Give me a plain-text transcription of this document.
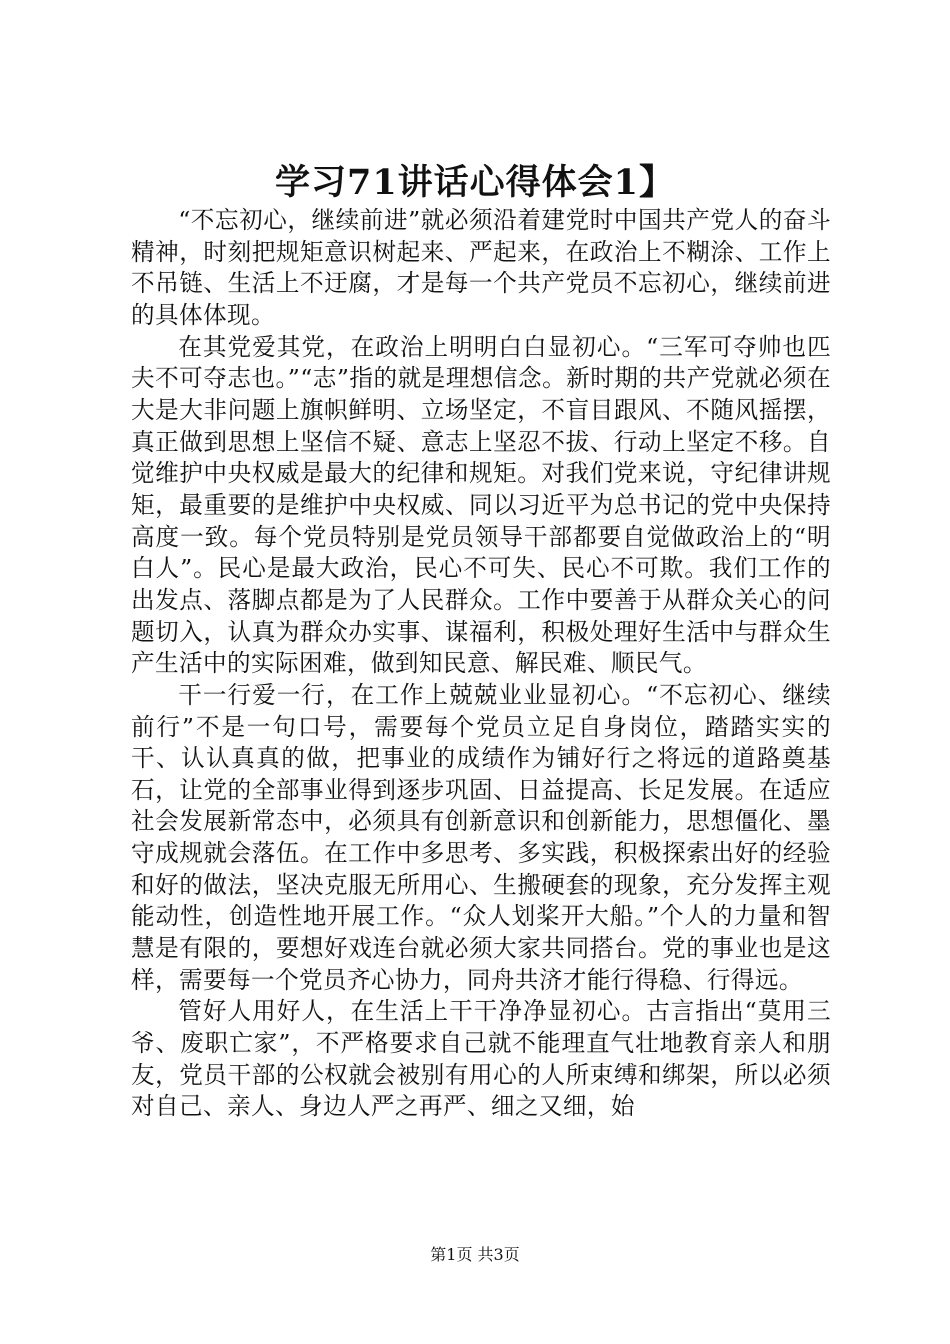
学习71讲话心得体会1】

“不忘初心，继续前进”就必须沿着建党时中国共产党人的奋斗精神，时刻把规矩意识树起来、严起来，在政治上不糊涂、工作上不吊链、生活上不迂腐，才是每一个共产党员不忘初心，继续前进的具体体现。

在其党爱其党，在政治上明明白白显初心。“三军可夺帅也匹夫不可夺志也。”“志”指的就是理想信念。新时期的共产党就必须在大是大非问题上旗帜鲜明、立场坚定，不盲目跟风、不随风摇摆，真正做到思想上坚信不疑、意志上坚忍不拔、行动上坚定不移。自觉维护中央权威是最大的纪律和规矩。对我们党来说，守纪律讲规矩，最重要的是维护中央权威、同以习近平为总书记的党中央保持高度一致。每个党员特别是党员领导干部都要自觉做政治上的“明白人”。民心是最大政治，民心不可失、民心不可欺。我们工作的出发点、落脚点都是为了人民群众。工作中要善于从群众关心的问题切入，认真为群众办实事、谋福利，积极处理好生活中与群众生产生活中的实际困难，做到知民意、解民难、顺民气。

干一行爱一行，在工作上兢兢业业显初心。“不忘初心、继续前行”不是一句口号，需要每个党员立足自身岗位，踏踏实实的干、认认真真的做，把事业的成绩作为铺好行之将远的道路奠基石，让党的全部事业得到逐步巩固、日益提高、长足发展。在适应社会发展新常态中，必须具有创新意识和创新能力，思想僵化、墨守成规就会落伍。在工作中多思考、多实践，积极探索出好的经验和好的做法，坚决克服无所用心、生搬硬套的现象，充分发挥主观能动性，创造性地开展工作。“众人划桨开大船。”个人的力量和智慧是有限的，要想好戏连台就必须大家共同搭台。党的事业也是这样，需要每一个党员齐心协力，同舟共济才能行得稳、行得远。

管好人用好人，在生活上干干净净显初心。古言指出“莫用三爷、废职亡家”，不严格要求自己就不能理直气壮地教育亲人和朋友，党员干部的公权就会被别有用心的人所束缚和绑架，所以必须对自己、亲人、身边人严之再严、细之又细，始

第1页 共3页
